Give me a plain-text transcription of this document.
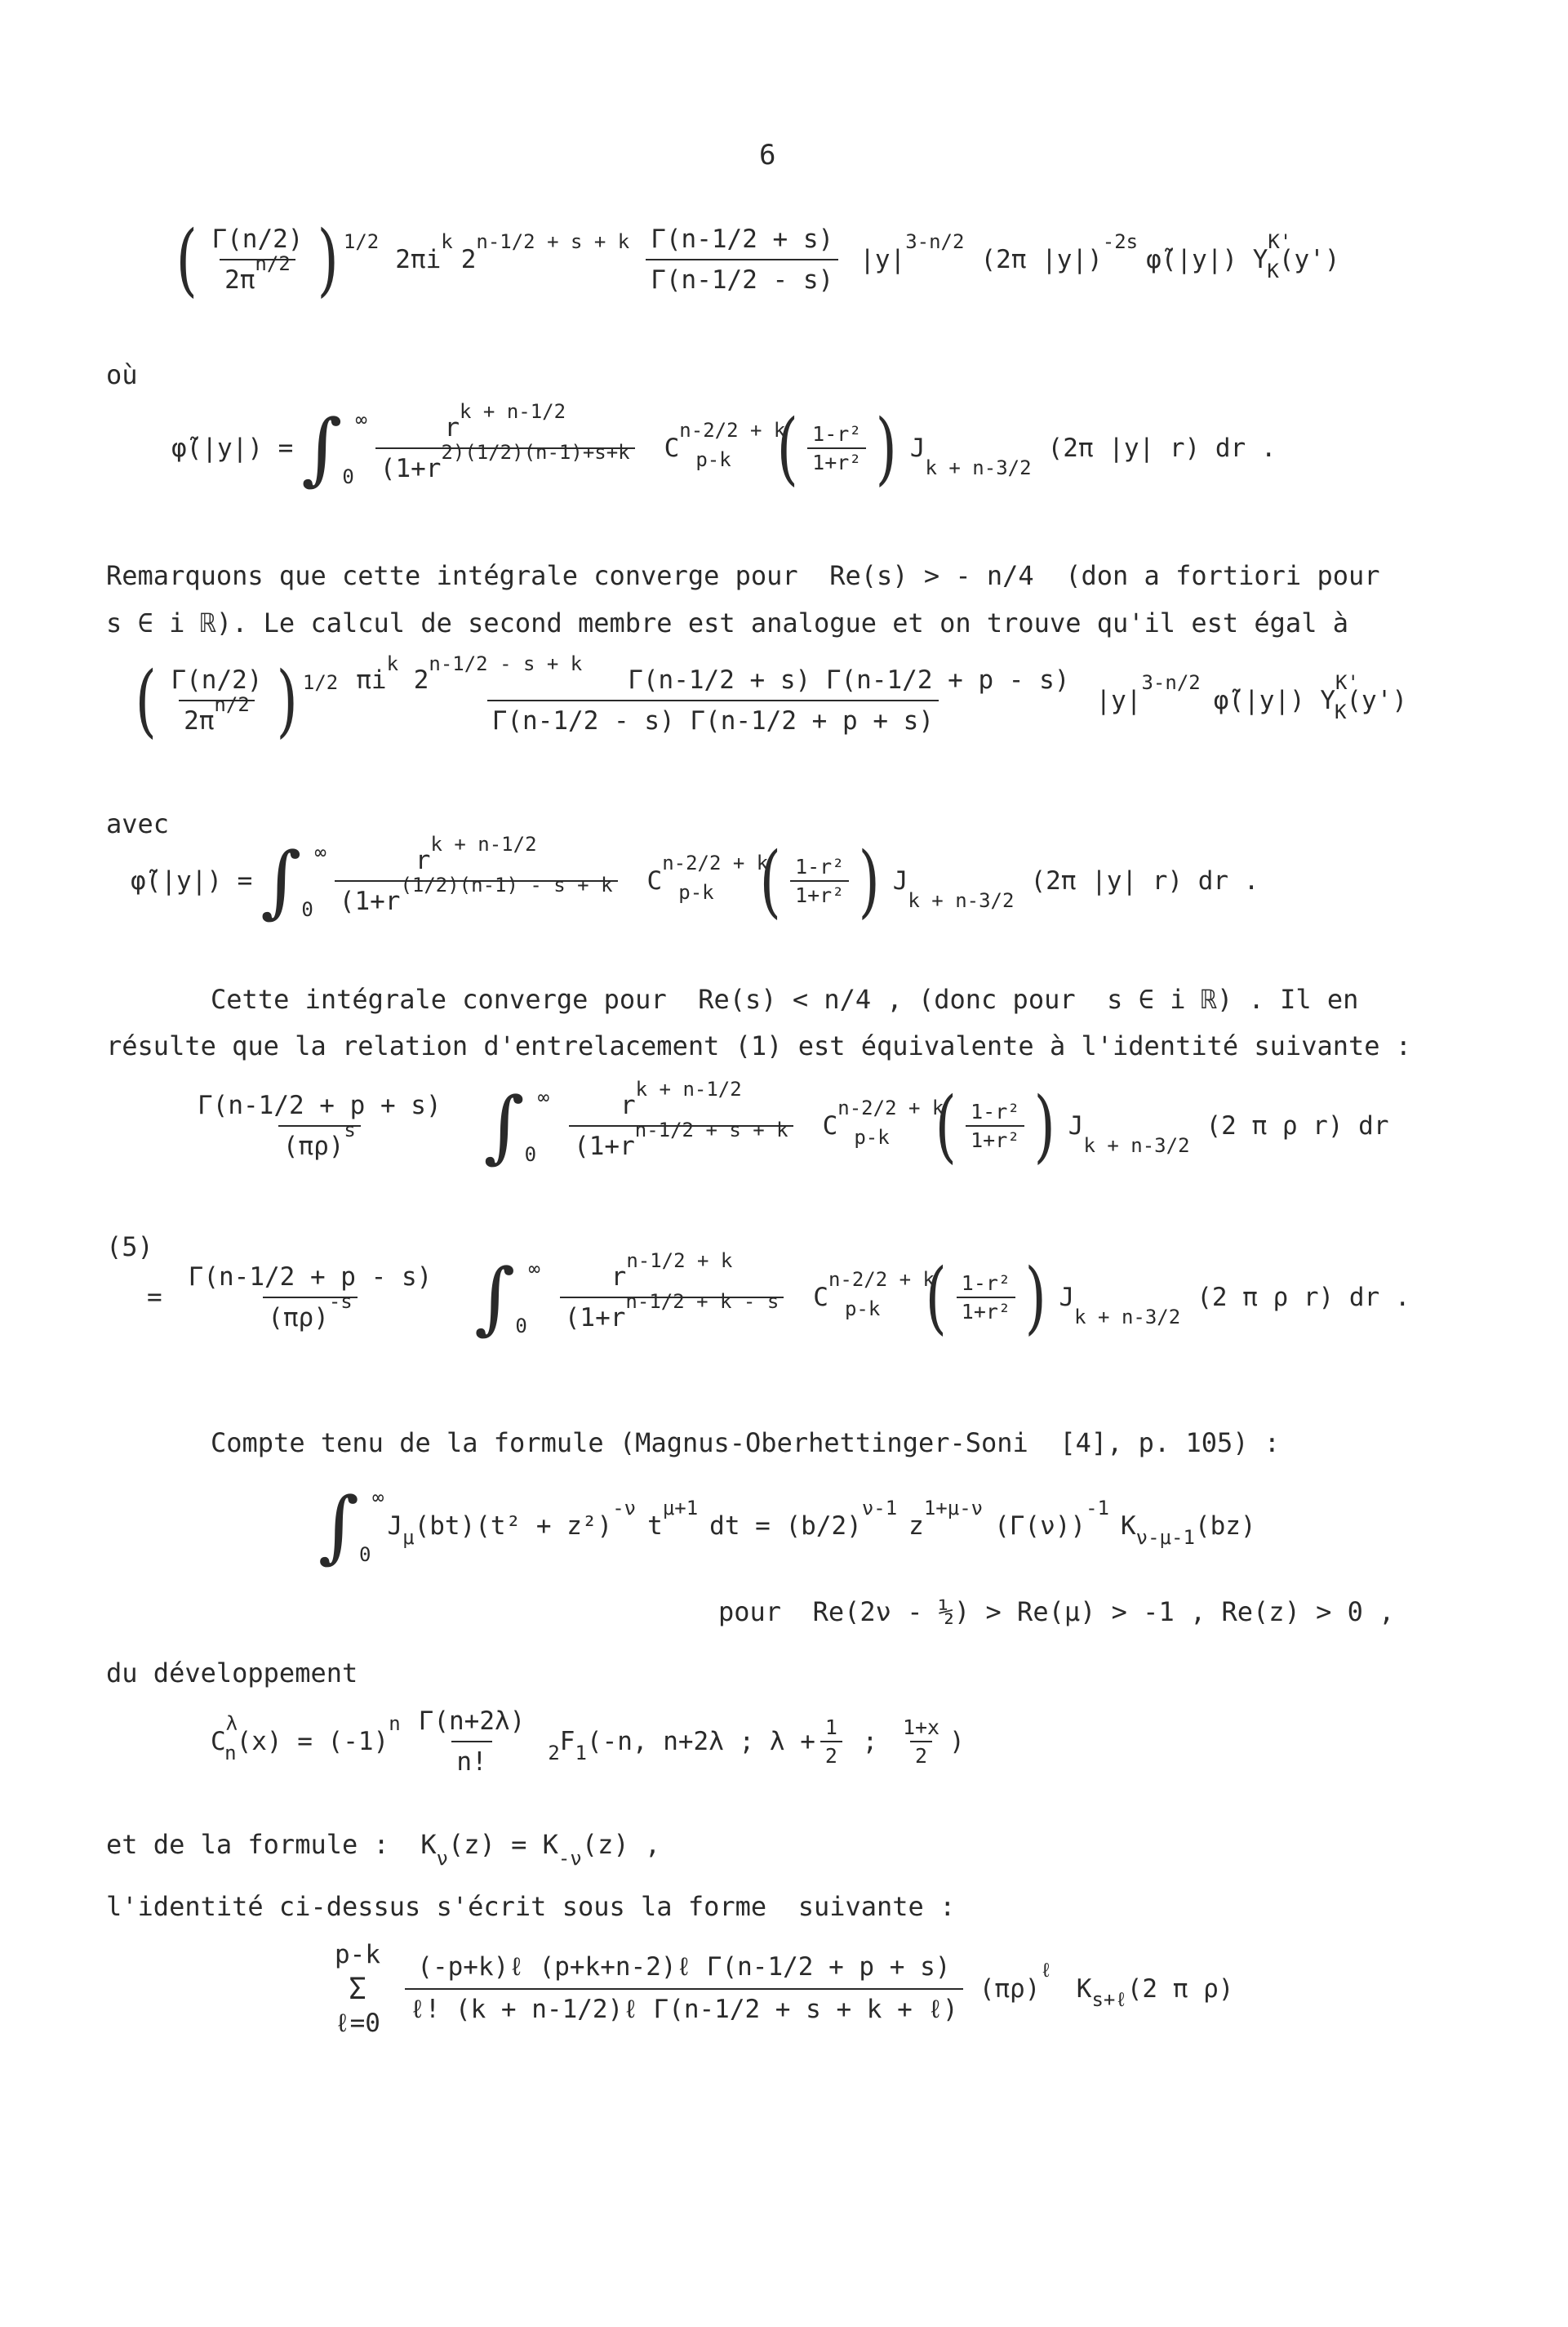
6
( $\frac{\Gamma(n/2)}{2\pi^{n/2}}$ ) 1/2
2πi
k
2
n-1/2 + s + k $\frac{\Gamma(n-1/2 + s)}{\Gamma(n-1/2 - s)} |y|$
3-n/2
(2π |y|)
-2s
φ̃(|y|) Y
K'
K (y')
où
φ̃(|y|) = ∫ ∞
$0 \frac{r^{k + n-1/2}}{(1+r^{2)(1/2)(n-1)+s+k}}$ C
n-2/2 + k
p-k ( $\frac{\text{1-r²}}{\text{1+r²}}$ ) J
k + n-3/2
(2π |y| r) dr .
Remarquons que cette intégrale converge pour  Re(s) > - n/4  (don a fortiori pour
s ∈ i ℝ). Le calcul de second membre est analogue et on trouve qu'il est égal à
( $\frac{\Gamma(n/2)}{2\pi^{n/2}}$ ) $1/2 \frac{\pi i^k 2^{n-1/2 - s + k} \Gamma(n-1/2 + s) \Gamma(n-1/2 + p - s)}{\Gamma(n-1/2 - s) \Gamma(n-1/2 + p + s)} |y|$
3-n/2
φ̃̃(|y|) Y
K'
K (y')
avec
φ̃̃(|y|) = ∫ ∞
$0 \frac{r^{k + n-1/2}}{(1+r^{(1/2)(n-1) - s + k}}$ C
n-2/2 + k
p-k ( $\frac{\text{1-r²}}{\text{1+r²}}$ ) J
k + n-3/2
(2π |y| r) dr .
Cette intégrale converge pour  Re(s) < n/4 , (donc pour  s ∈ i ℝ) . Il en
résulte que la relation d'entrelacement (1) est équivalente à l'identité suivante :
$\frac{\Gamma(n-1/2 + p + s)}{(\pi\rho)^s}$ ∫ ∞
$0 \frac{r^{k + n-1/2}}{(1+r^{n-1/2 + s + k}}$ C
n-2/2 + k
p-k ( $\frac{\text{1-r²}}{\text{1+r²}}$ ) J
k + n-3/2
(2 π ρ r) dr
(5)
= $\frac{\Gamma(n-1/2 + p - s)}{(\pi\rho)^{-s}}$ ∫ ∞
$0 \frac{r^{n-1/2 + k}}{(1+r^{n-1/2 + k - s}}$ C
n-2/2 + k
p-k ( $\frac{\text{1-r²}}{\text{1+r²}}$ ) J
k + n-3/2
(2 π ρ r) dr .
Compte tenu de la formule (Magnus-Oberhettinger-Soni  [4], p. 105) :
∫ ∞
0
J μ (bt)(t² + z²)
-ν
t
μ+1
dt = (b/2)
ν-1
z
1+μ-ν
(Γ(ν))
-1
K ν-μ-1 (bz)
pour  Re(2ν - ½) > Re(μ) > -1 , Re(z) > 0 ,
du développement
C
λ
n (x) = (-1)
n $\frac{\Gamma(n+2\lambda)}{n!} 2$ F 1 (-n, n+2λ ; $\lambda + \frac{1}{2}$ ; $\frac{1+x}{2}$ )
et de la formule :  $K_\nu(z) = K_{-\nu}(z)$ ,
l'identité ci-dessus s'écrit sous la forme  suivante :
p-k
Σ
ℓ=0 $\frac{\text{(-p+k)ℓ (p+k+n-2)ℓ Γ(n-1/2 + p + s)}}{\text{ℓ! (k + n-1/2)ℓ Γ(n-1/2 + s + k + ℓ)}} (\pi\rho)$
ℓ
K s+ℓ (2 π ρ)
